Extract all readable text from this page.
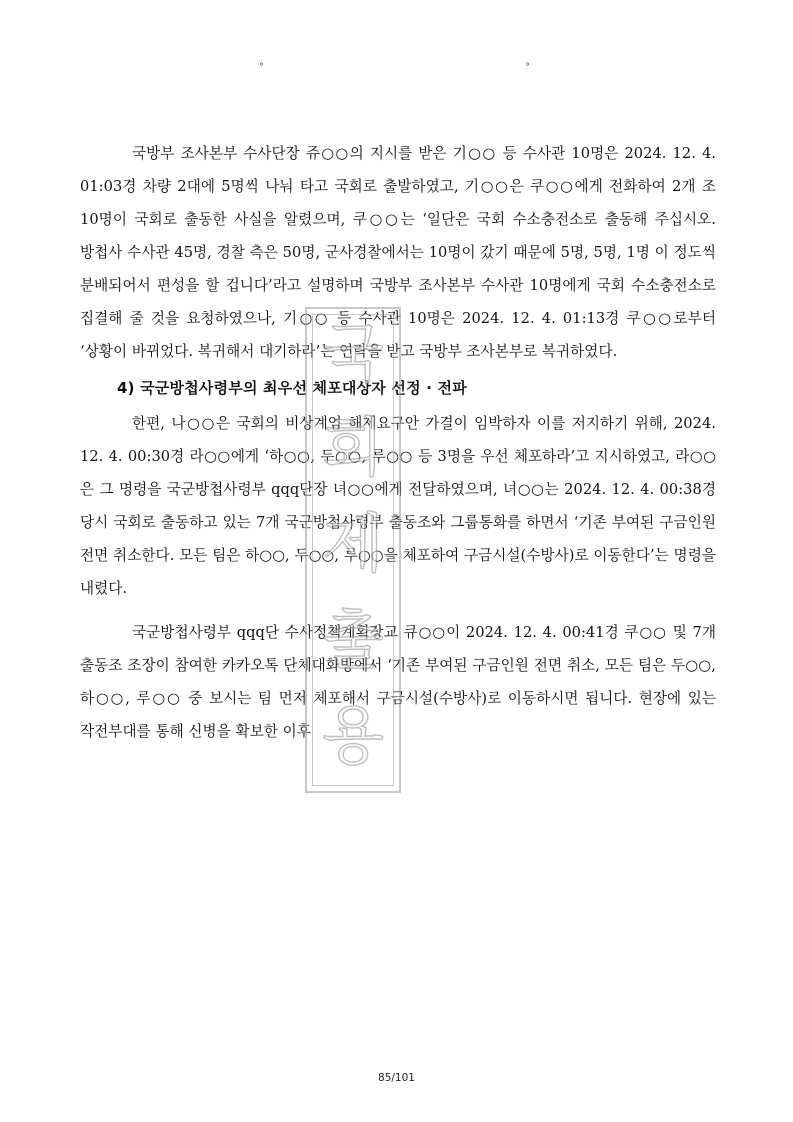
°	°

국방부 조사본부 수사단장 쥬○○의 지시를 받은 기○○ 등 수사관 10명은 2024. 12. 4. 01:03경 차량 2대에 5명씩 나눠 타고 국회로 출발하였고, 기○○은 쿠○○에게 전화하여 2개 조 10명이 국회로 출동한 사실을 알렸으며, 쿠○○는 ‘일단은 국회 수소충전소로 출동해 주십시오. 방첩사 수사관 45명, 경찰 측은 50명, 군사경찰에서는 10명이 갔기 때문에 5명, 5명, 1명 이 정도씩 분배되어서 편성을 할 겁니다’라고 설명하며 국방부 조사본부 수사관 10명에게 국회 수소충전소로 집결해 줄 것을 요청하였으나, 기○○ 등 수사관 10명은 2024. 12. 4. 01:13경 쿠○○로부터 ‘상황이 바뀌었다. 복귀해서 대기하라’는 연락을 받고 국방부 조사본부로 복귀하였다.

4) 국군방첩사령부의 최우선 체포대상자 선정 · 전파

한편, 나○○은 국회의 비상계엄 해제요구안 가결이 임박하자 이를 저지하기 위해, 2024. 12. 4. 00:30경 라○○에게 ‘하○○, 두○○, 루○○ 등 3명을 우선 체포하라’고 지시하였고, 라○○은 그 명령을 국군방첩사령부 qqq단장 녀○○에게 전달하였으며, 녀○○는 2024. 12. 4. 00:38경 당시 국회로 출동하고 있는 7개 국군방첩사령부 출동조와 그룹통화를 하면서 ‘기존 부여된 구금인원 전면 취소한다. 모든 팀은 하○○, 두○○, 루○○을 체포하여 구금시설(수방사)로 이동한다’는 명령을 내렸다.

국군방첩사령부 qqq단 수사정책계획장교 큐○○이 2024. 12. 4. 00:41경 쿠○○ 및 7개 출동조 조장이 참여한 카카오톡 단체대화방에서 ‘기존 부여된 구금인원 전면 취소, 모든 팀은 두○○, 하○○, 루○○ 중 보시는 팀 먼저 체포해서 구금시설(수방사)로 이동하시면 됩니다. 현장에 있는 작전부대를 통해 신병을 확보한 이후

국
회
제
출
용
85/101
